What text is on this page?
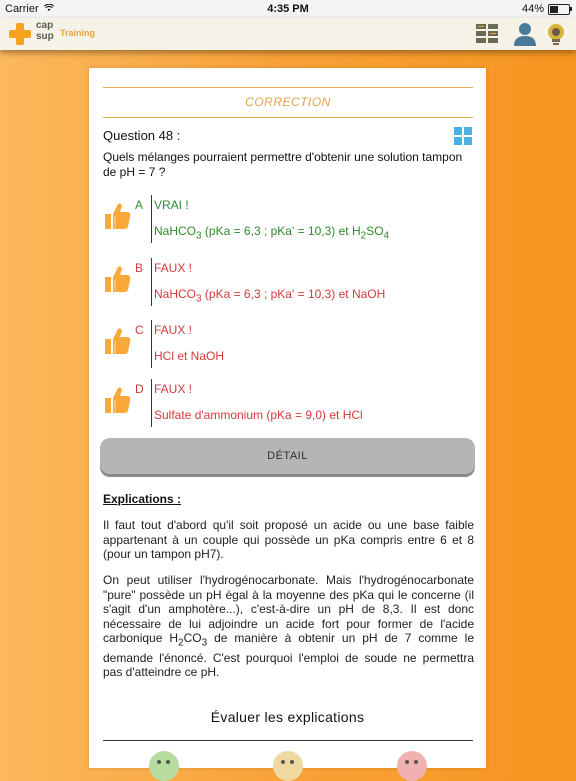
Carrier	4:35 PM	44%
cap
sup Training
CORRECTION
Question 48 :
Quels mélanges pourraient permettre d'obtenir une solution tampon de pH = 7 ?
A VRAI !
NaHCO$_3$ (pKa = 6,3 ; pKa' = 10,3) et $H_2SO_4$
B FAUX !
NaHCO$_3$ (pKa = 6,3 ; pKa' = 10,3) et NaOH
C FAUX !
HCl et NaOH
D FAUX !
Sulfate d'ammonium (pKa = 9,0) et HCl
DÉTAIL
Explications :
Il faut tout d'abord qu'il soit proposé un acide ou une base faible appartenant à un couple qui possède un pKa compris entre 6 et 8 (pour un tampon pH7).
On peut utiliser l'hydrogénocarbonate. Mais l'hydrogénocarbonate "pure" possède un pH égal à la moyenne des pKa qui le concerne (il s'agit d'un amphotère...), c'est-à-dire un pH de 8,3. Il est donc nécessaire de lui adjoindre un acide fort pour former de l'acide carbonique $H_2CO_3$ de manière à obtenir un pH de 7 comme le demande l'énoncé. C'est pourquoi l'emploi de soude ne permettra pas d'atteindre ce pH.
Évaluer les explications
